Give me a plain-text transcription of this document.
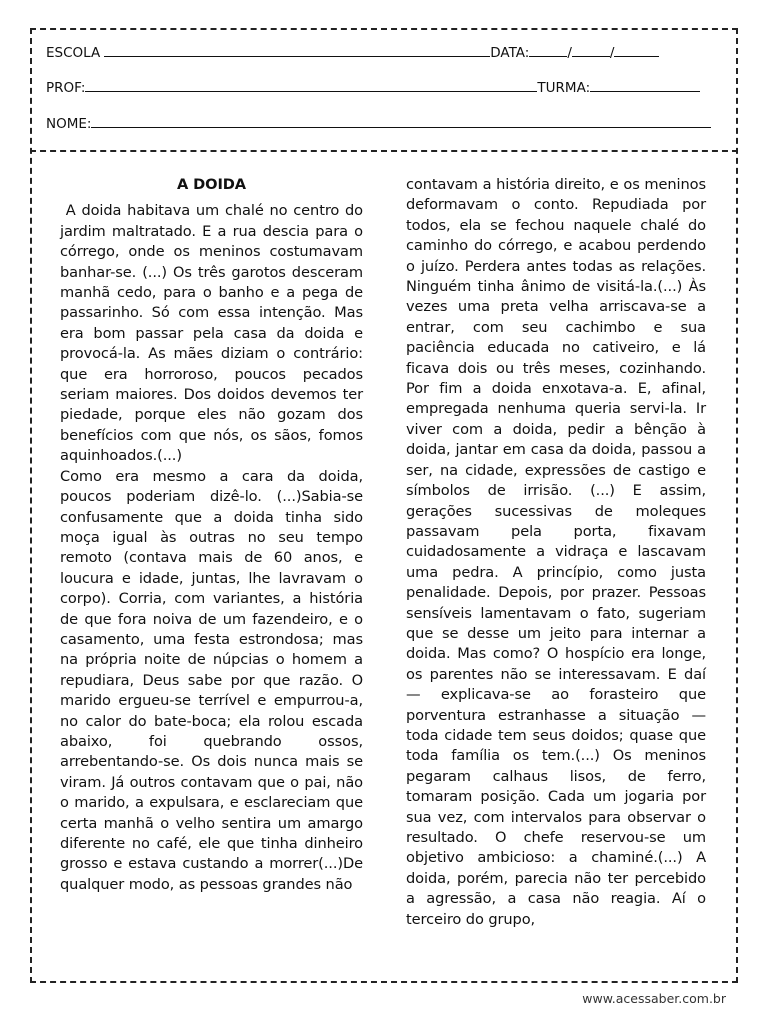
ESCOLA	DATA:	/	/
PROF:	TURMA:
NOME:
A DOIDA

A doida habitava um chalé no centro do jardim maltratado. E a rua descia para o córrego, onde os meninos costumavam banhar-se. (...) Os três garotos desceram manhã cedo, para o banho e a pega de passarinho. Só com essa intenção. Mas era bom passar pela casa da doida e provocá-la. As mães diziam o contrário: que era horroroso, poucos pecados seriam maiores. Dos doidos devemos ter piedade, porque eles não gozam dos benefícios com que nós, os sãos, fomos aquinhoados.(...)

Como era mesmo a cara da doida, poucos poderiam dizê-lo. (...)Sabia-se confusamente que a doida tinha sido moça igual às outras no seu tempo remoto (contava mais de 60 anos, e loucura e idade, juntas, lhe lavravam o corpo). Corria, com variantes, a história de que fora noiva de um fazendeiro, e o casamento, uma festa estrondosa; mas na própria noite de núpcias o homem a repudiara, Deus sabe por que razão. O marido ergueu-se terrível e empurrou-a, no calor do bate-boca; ela rolou escada abaixo, foi quebrando ossos, arrebentando-se. Os dois nunca mais se viram. Já outros contavam que o pai, não o marido, a expulsara, e esclareciam que certa manhã o velho sentira um amargo diferente no café, ele que tinha dinheiro grosso e estava custando a morrer(...)De qualquer modo, as pessoas grandes não

contavam a história direito, e os meninos deformavam o conto. Repudiada por todos, ela se fechou naquele chalé do caminho do córrego, e acabou perdendo o juízo. Perdera antes todas as relações. Ninguém tinha ânimo de visitá-la.(...) Às vezes uma preta velha arriscava-se a entrar, com seu cachimbo e sua paciência educada no cativeiro, e lá ficava dois ou três meses, cozinhando. Por fim a doida enxotava-a. E, afinal, empregada nenhuma queria servi-la. Ir viver com a doida, pedir a bênção à doida, jantar em casa da doida, passou a ser, na cidade, expressões de castigo e símbolos de irrisão. (...) E assim, gerações sucessivas de moleques passavam pela porta, fixavam cuidadosamente a vidraça e lascavam uma pedra. A princípio, como justa penalidade. Depois, por prazer. Pessoas sensíveis lamentavam o fato, sugeriam que se desse um jeito para internar a doida. Mas como? O hospício era longe, os parentes não se interessavam. E daí — explicava-se ao forasteiro que porventura estranhasse a situação — toda cidade tem seus doidos; quase que toda família os tem.(...) Os meninos pegaram calhaus lisos, de ferro, tomaram posição. Cada um jogaria por sua vez, com intervalos para observar o resultado. O chefe reservou-se um objetivo ambicioso: a chaminé.(...) A doida, porém, parecia não ter percebido a agressão, a casa não reagia. Aí o terceiro do grupo,

www.acessaber.com.br
